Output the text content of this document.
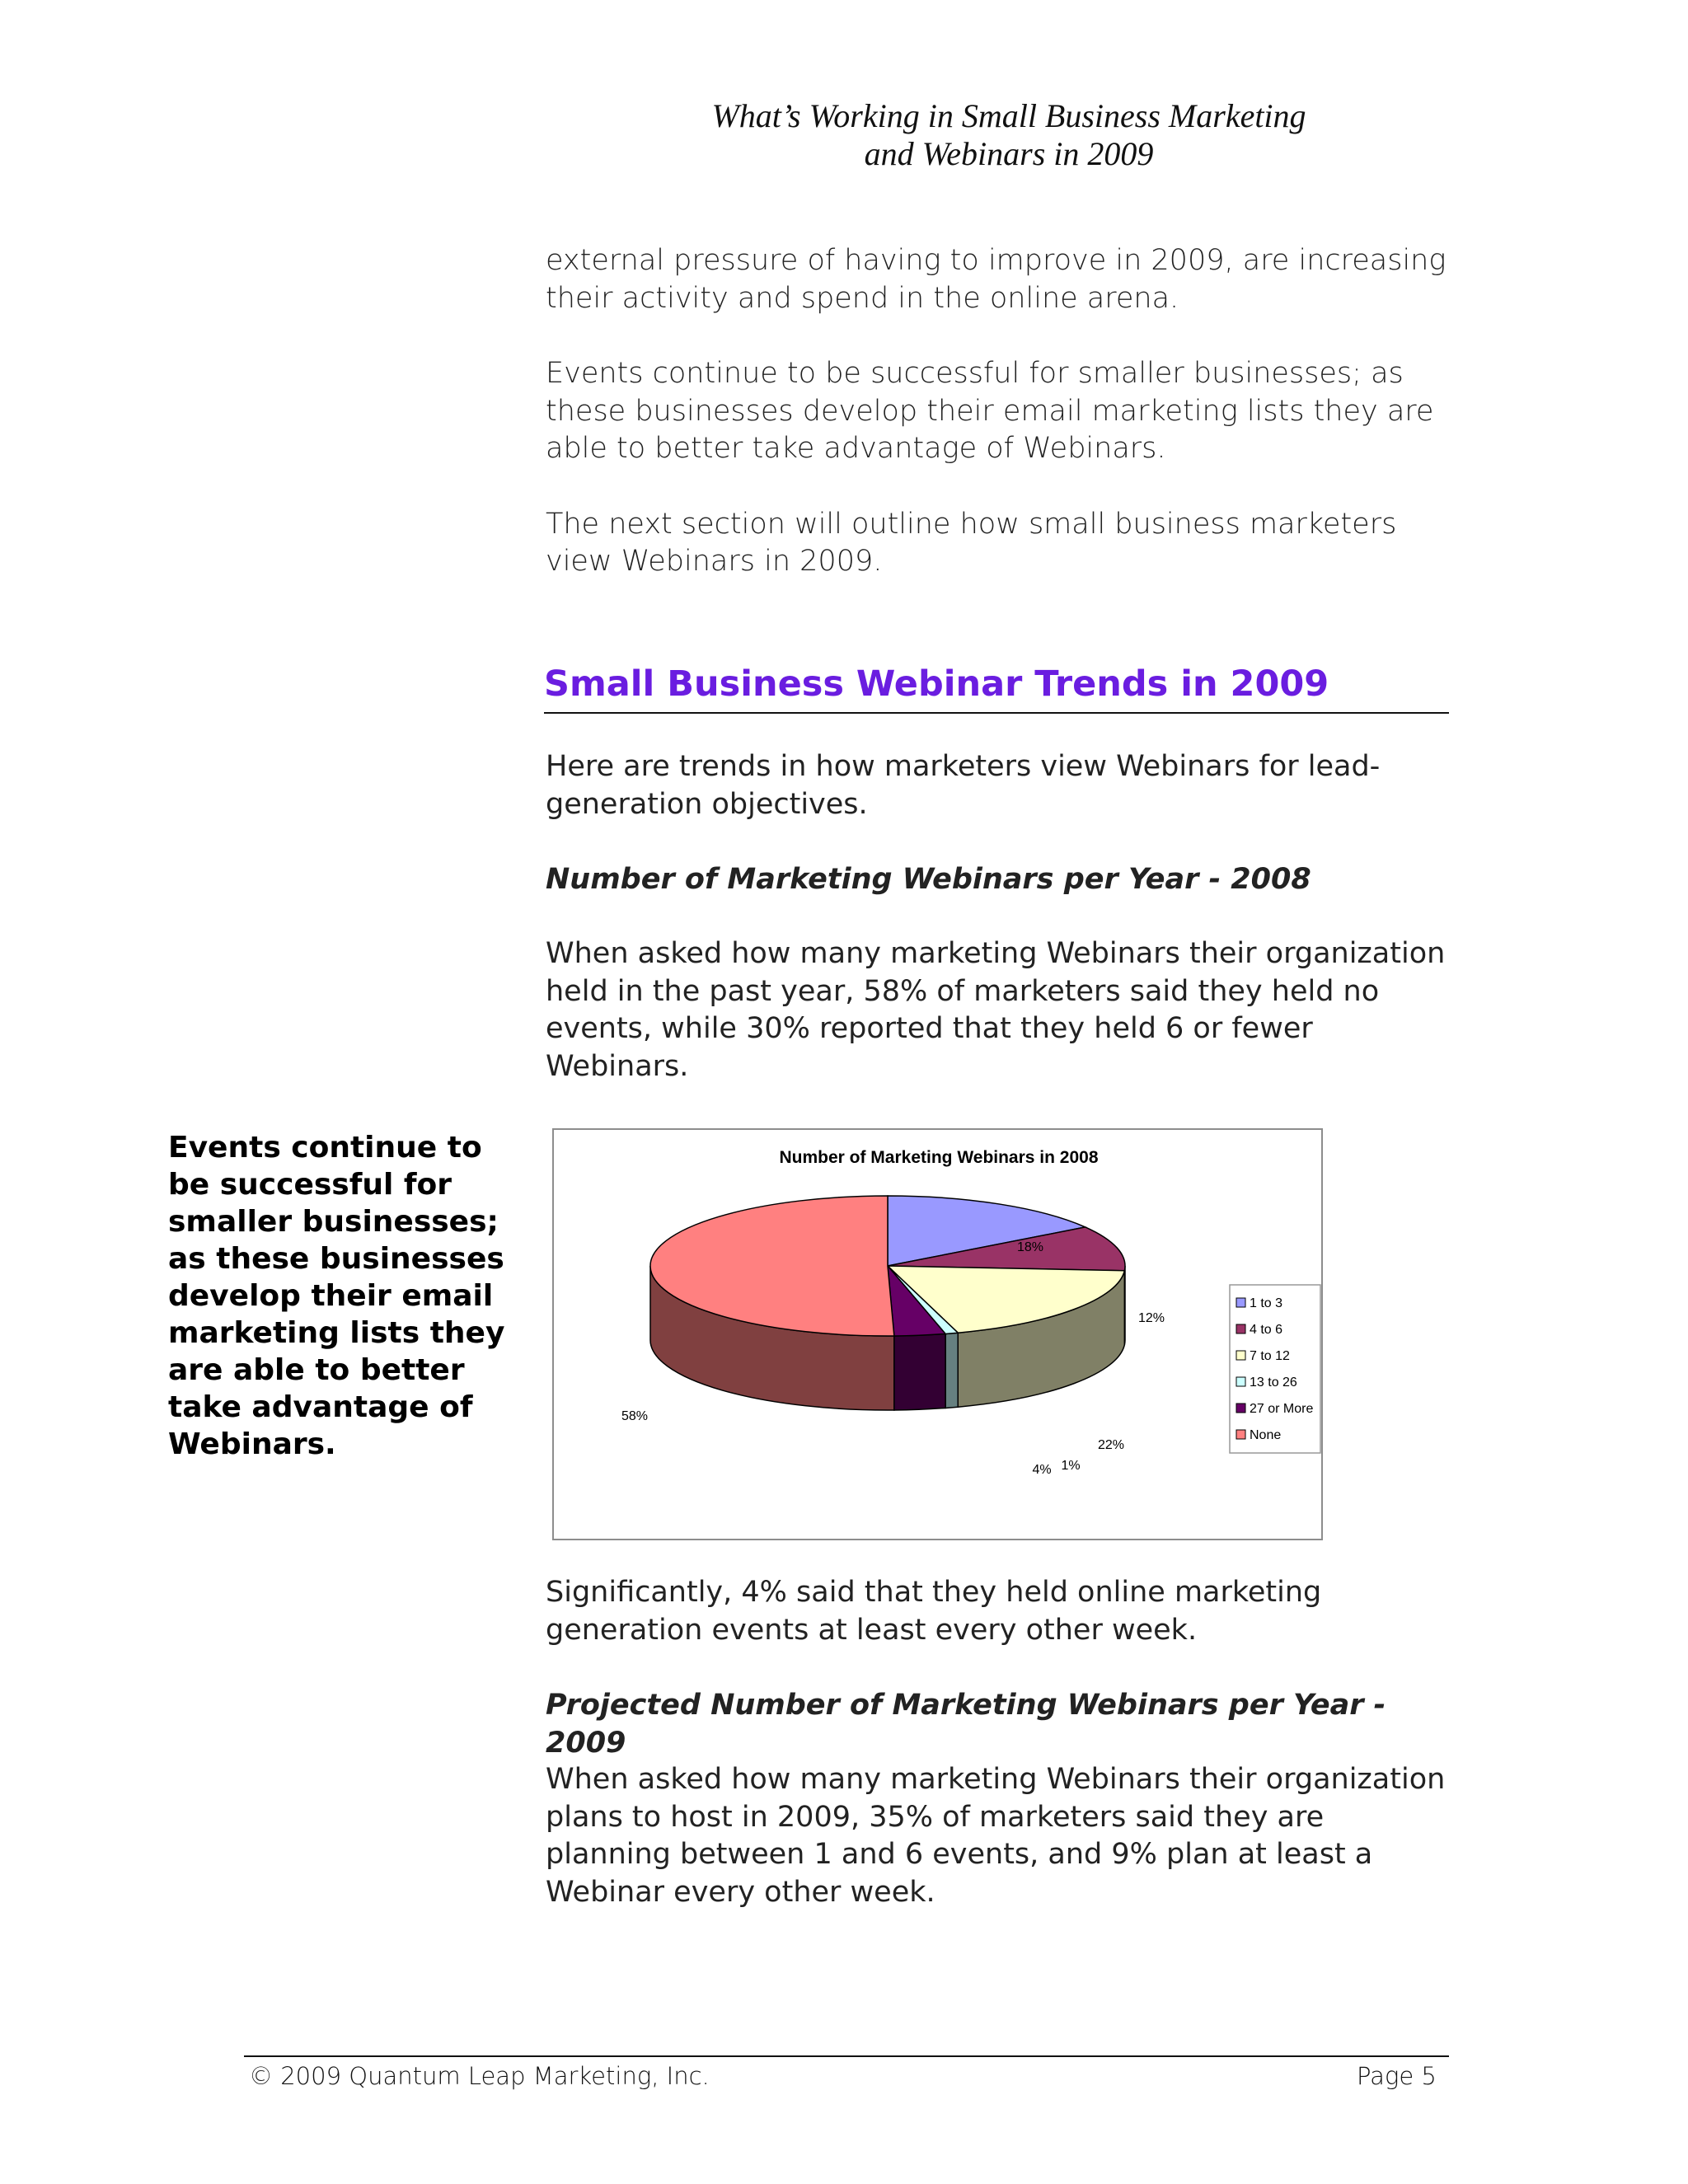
What’s Working in Small Business Marketing
and Webinars in 2009

external pressure of having to improve in 2009, are increasing their activity and spend in the online arena.

Events continue to be successful for smaller businesses; as these businesses develop their email marketing lists they are able to better take advantage of Webinars.

The next section will outline how small business marketers view Webinars in 2009.

Small Business Webinar Trends in 2009

Here are trends in how marketers view Webinars for lead-generation objectives.

Number of Marketing Webinars per Year - 2008

When asked how many marketing Webinars their organization held in the past year, 58% of marketers said they held no events, while 30% reported that they held 6 or fewer Webinars.

Events continue to be successful for smaller businesses; as these businesses develop their email marketing lists they are able to better take advantage of Webinars.
Number of Marketing Webinars in 2008
18%
12%
22%
1%
4%
58%
1 to 3
4 to 6
7 to 12
13 to 26
27 or More
None

Significantly, 4% said that they held online marketing generation events at least every other week.

Projected Number of Marketing Webinars per Year - 2009

When asked how many marketing Webinars their organization plans to host in 2009, 35% of marketers said they are planning between 1 and 6 events, and 9% plan at least a Webinar every other week.

© 2009 Quantum Leap Marketing, Inc.	Page 5
